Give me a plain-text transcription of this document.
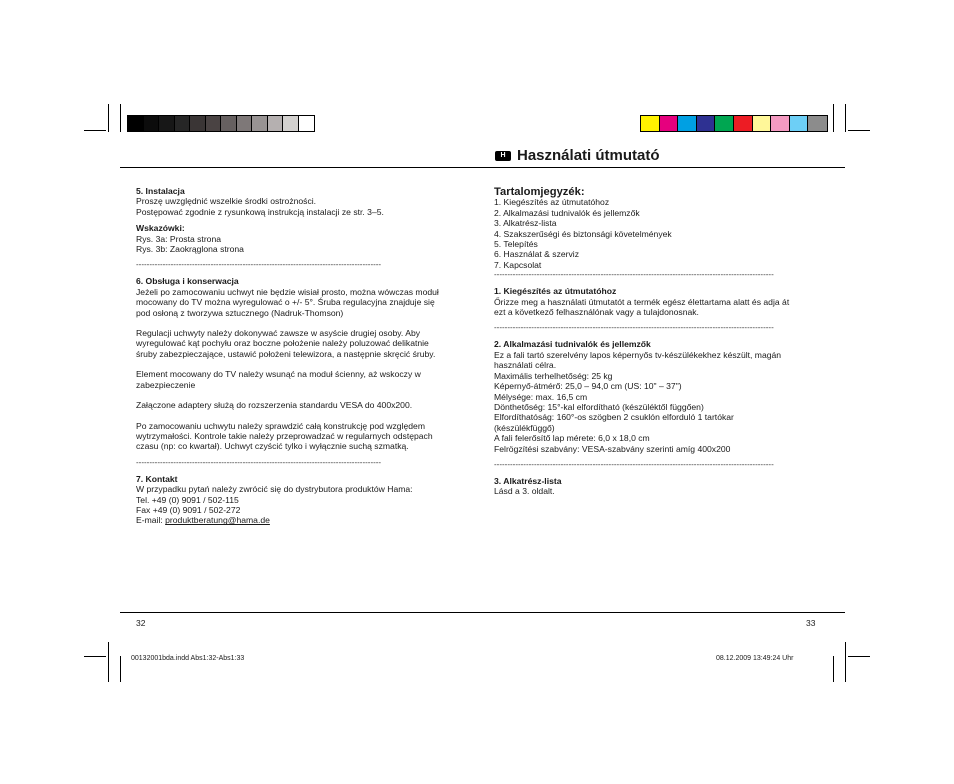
H Használati útmutató

5. Instalacja

Proszę uwzględnić wszelkie środki ostrożności.

Postępować zgodnie z rysunkową instrukcją instalacji ze str. 3–5.

Wskazówki:

Rys. 3a: Prosta strona

Rys. 3b: Zaokrąglona strona

--------------------------------------------------------------------------------------------

6. Obsługa i konserwacja

Jeżeli po zamocowaniu uchwyt nie będzie wisiał prosto, można wówczas moduł

mocowany do TV można wyregulować o +/- 5°. Śruba regulacyjna znajduje się

pod osłoną z tworzywa sztucznego (Nadruk-Thomson)

Regulacji uchwyty należy dokonywać zawsze w asyście drugiej osoby. Aby

wyregulować kąt pochyłu oraz boczne położenie należy poluzować delikatnie

śruby zabezpieczające, ustawić położeni telewizora, a następnie skręcić śruby.

Element mocowany do TV należy wsunąć na moduł ścienny, aż wskoczy w

zabezpieczenie

Załączone adaptery służą do rozszerzenia standardu VESA do 400x200.

Po zamocowaniu uchwytu należy sprawdzić całą konstrukcję pod względem

wytrzymałości. Kontrole takie należy przeprowadzać w regularnych odstępach

czasu (np: co kwartał). Uchwyt czyścić tylko i wyłącznie suchą szmatką.

--------------------------------------------------------------------------------------------

7. Kontakt

W przypadku pytań należy zwrócić się do dystrybutora produktów Hama:

Tel. +49 (0) 9091 / 502-115

Fax +49 (0) 9091 / 502-272

E-mail: produktberatung@hama.de

Tartalomjegyzék:

1. Kiegészítés az útmutatóhoz

2. Alkalmazási tudnivalók és jellemzők

3. Alkatrész-lista

4. Szakszerűségi és biztonsági követelmények

5. Telepítés

6. Használat & szerviz

7. Kapcsolat

---------------------------------------------------------------------------------------------------------

1. Kiegészítés az útmutatóhoz

Őrizze meg a használati útmutatót a termék egész élettartama alatt és adja át

ezt a következő felhasználónak vagy a tulajdonosnak.

---------------------------------------------------------------------------------------------------------

2. Alkalmazási tudnivalók és jellemzők

Ez a fali tartó szerelvény lapos képernyős tv-készülékekhez készült, magán

használati célra.

Maximális terhelhetőség: 25 kg

Képernyő-átmérő: 25,0 – 94,0 cm (US: 10" – 37")

Mélysége: max. 16,5 cm

Dönthetőség: 15°-kal elfordítható (készüléktől függően)

Elfordíthatóság: 160°-os szögben 2 csuklón elforduló 1 tartókar

(készülékfüggő)

A fali felerősítő lap mérete: 6,0 x 18,0 cm

Felrögzítési szabvány: VESA-szabvány szerinti amíg 400x200

---------------------------------------------------------------------------------------------------------

3. Alkatrész-lista

Lásd a 3. oldalt.

32	33
00132001bda.indd Abs1:32-Abs1:33	08.12.2009 13:49:24 Uhr
